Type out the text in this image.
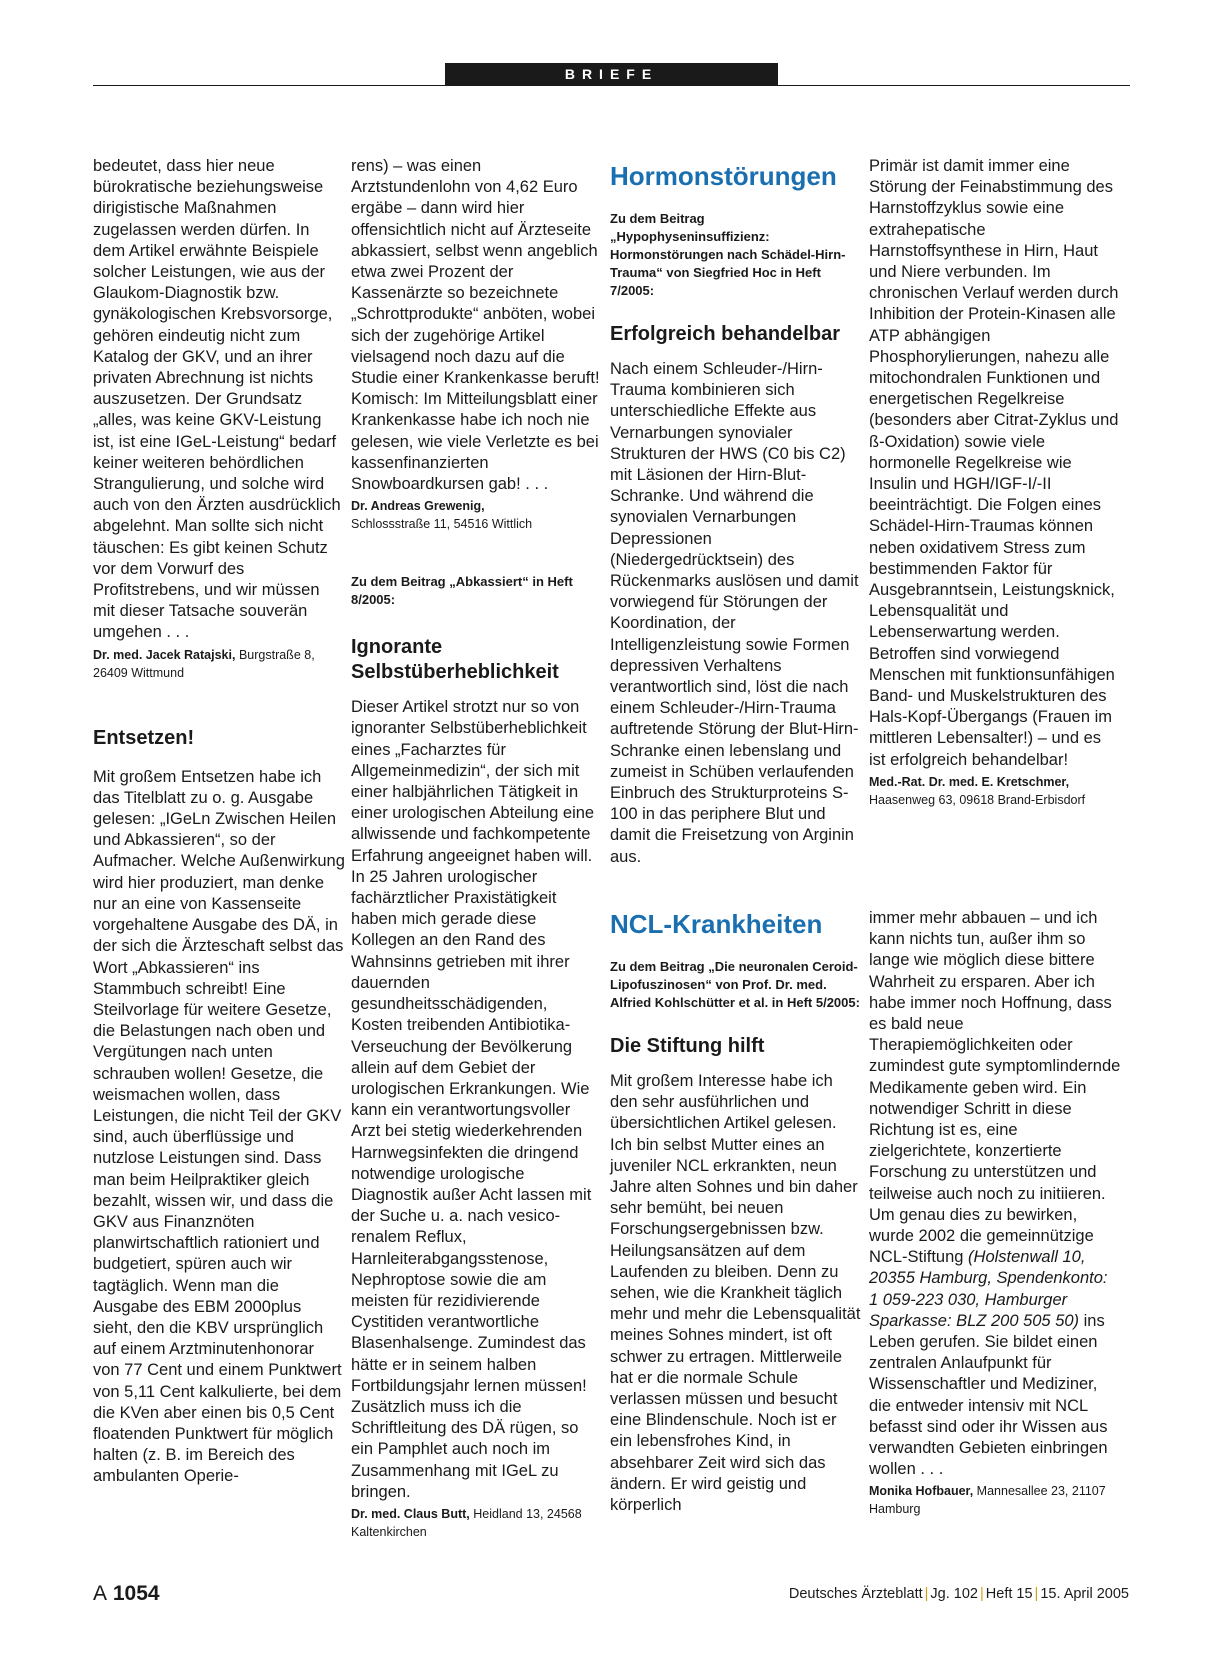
BRIEFE

bedeutet, dass hier neue bürokratische beziehungsweise dirigistische Maßnahmen zugelassen werden dürfen. In dem Artikel erwähnte Beispiele solcher Leistungen, wie aus der Glaukom-Diagnostik bzw. gynäkologischen Krebsvorsorge, gehören eindeutig nicht zum Katalog der GKV, und an ihrer privaten Abrechnung ist nichts auszusetzen. Der Grundsatz „alles, was keine GKV-Leistung ist, ist eine IGeL-Leistung“ bedarf keiner weiteren behördlichen Strangulierung, und solche wird auch von den Ärzten ausdrücklich abgelehnt. Man sollte sich nicht täuschen: Es gibt keinen Schutz vor dem Vorwurf des Profitstrebens, und wir müssen mit dieser Tatsache souverän umgehen . . .

Dr. med. Jacek Ratajski, Burgstraße 8, 26409 Wittmund
Entsetzen!

Mit großem Entsetzen habe ich das Titelblatt zu o. g. Ausgabe gelesen: „IGeLn Zwischen Heilen und Abkassieren“, so der Aufmacher. Welche Außenwirkung wird hier produziert, man denke nur an eine von Kassenseite vorgehaltene Ausgabe des DÄ, in der sich die Ärzteschaft selbst das Wort „Abkassieren“ ins Stammbuch schreibt! Eine Steilvorlage für weitere Gesetze, die Belastungen nach oben und Vergütungen nach unten schrauben wollen! Gesetze, die weismachen wollen, dass Leistungen, die nicht Teil der GKV sind, auch überflüssige und nutzlose Leistungen sind. Dass man beim Heilpraktiker gleich bezahlt, wissen wir, und dass die GKV aus Finanznöten planwirtschaftlich rationiert und budgetiert, spüren auch wir tagtäglich. Wenn man die Ausgabe des EBM 2000plus sieht, den die KBV ursprünglich auf einem Arztminutenhonorar von 77 Cent und einem Punktwert von 5,11 Cent kalkulierte, bei dem die KVen aber einen bis 0,5 Cent floatenden Punktwert für möglich halten (z. B. im Bereich des ambulanten Operie-

rens) – was einen Arztstundenlohn von 4,62 Euro ergäbe – dann wird hier offensichtlich nicht auf Ärzteseite abkassiert, selbst wenn angeblich etwa zwei Prozent der Kassenärzte so bezeichnete „Schrottprodukte“ anböten, wobei sich der zugehörige Artikel vielsagend noch dazu auf die Studie einer Krankenkasse beruft! Komisch: Im Mitteilungsblatt einer Krankenkasse habe ich noch nie gelesen, wie viele Verletzte es bei kassenfinanzierten Snowboardkursen gab! . . .

Dr. Andreas Grewenig,
Schlossstraße 11, 54516 Wittlich
Zu dem Beitrag „Abkassiert“ in Heft 8/2005:
Ignorante Selbstüberheblichkeit

Dieser Artikel strotzt nur so von ignoranter Selbstüberheblichkeit eines „Facharztes für Allgemeinmedizin“, der sich mit einer halbjährlichen Tätigkeit in einer urologischen Abteilung eine allwissende und fachkompetente Erfahrung angeeignet haben will. In 25 Jahren urologischer fachärztlicher Praxistätigkeit haben mich gerade diese Kollegen an den Rand des Wahnsinns getrieben mit ihrer dauernden gesundheitsschädigenden, Kosten treibenden Antibiotika-Verseuchung der Bevölkerung allein auf dem Gebiet der urologischen Erkrankungen. Wie kann ein verantwortungsvoller Arzt bei stetig wiederkehrenden Harnwegsinfekten die dringend notwendige urologische Diagnostik außer Acht lassen mit der Suche u. a. nach vesico-renalem Reflux, Harnleiterabgangsstenose, Nephroptose sowie die am meisten für rezidivierende Cystitiden verantwortliche Blasenhalsenge. Zumindest das hätte er in seinem halben Fortbildungsjahr lernen müssen! Zusätzlich muss ich die Schriftleitung des DÄ rügen, so ein Pamphlet auch noch im Zusammenhang mit IGeL zu bringen.

Dr. med. Claus Butt, Heidland 13, 24568 Kaltenkirchen
Hormonstörungen
Zu dem Beitrag „Hypophyseninsuffizienz: Hormonstörungen nach Schädel-Hirn-Trauma“ von Siegfried Hoc in Heft 7/2005:
Erfolgreich behandelbar

Nach einem Schleuder-/Hirn-Trauma kombinieren sich unterschiedliche Effekte aus Vernarbungen synovialer Strukturen der HWS (C0 bis C2) mit Läsionen der Hirn-Blut-Schranke. Und während die synovialen Vernarbungen Depressionen (Niedergedrücktsein) des Rückenmarks auslösen und damit vorwiegend für Störungen der Koordination, der Intelligenzleistung sowie Formen depressiven Verhaltens verantwortlich sind, löst die nach einem Schleuder-/Hirn-Trauma auftretende Störung der Blut-Hirn-Schranke einen lebenslang und zumeist in Schüben verlaufenden Einbruch des Strukturproteins S-100 in das periphere Blut und damit die Freisetzung von Arginin aus.

NCL-Krankheiten
Zu dem Beitrag „Die neuronalen Ceroid-Lipofuszinosen“ von Prof. Dr. med. Alfried Kohlschütter et al. in Heft 5/2005:
Die Stiftung hilft

Mit großem Interesse habe ich den sehr ausführlichen und übersichtlichen Artikel gelesen. Ich bin selbst Mutter eines an juveniler NCL erkrankten, neun Jahre alten Sohnes und bin daher sehr bemüht, bei neuen Forschungsergebnissen bzw. Heilungsansätzen auf dem Laufenden zu bleiben. Denn zu sehen, wie die Krankheit täglich mehr und mehr die Lebensqualität meines Sohnes mindert, ist oft schwer zu ertragen. Mittlerweile hat er die normale Schule verlassen müssen und besucht eine Blindenschule. Noch ist er ein lebensfrohes Kind, in absehbarer Zeit wird sich das ändern. Er wird geistig und körperlich

Primär ist damit immer eine Störung der Feinabstimmung des Harnstoffzyklus sowie eine extrahepatische Harnstoffsynthese in Hirn, Haut und Niere verbunden. Im chronischen Verlauf werden durch Inhibition der Protein-Kinasen alle ATP abhängigen Phosphorylierungen, nahezu alle mitochondralen Funktionen und energetischen Regelkreise (besonders aber Citrat-Zyklus und ß-Oxidation) sowie viele hormonelle Regelkreise wie Insulin und HGH/IGF-I/-II beeinträchtigt. Die Folgen eines Schädel-Hirn-Traumas können neben oxidativem Stress zum bestimmenden Faktor für Ausgebranntsein, Leistungsknick, Lebensqualität und Lebenserwartung werden. Betroffen sind vorwiegend Menschen mit funktionsunfähigen Band- und Muskelstrukturen des Hals-Kopf-Übergangs (Frauen im mittleren Lebensalter!) – und es ist erfolgreich behandelbar!

Med.-Rat. Dr. med. E. Kretschmer,
Haasenweg 63, 09618 Brand-Erbisdorf

immer mehr abbauen – und ich kann nichts tun, außer ihm so lange wie möglich diese bittere Wahrheit zu ersparen. Aber ich habe immer noch Hoffnung, dass es bald neue Therapiemöglichkeiten oder zumindest gute symptomlindernde Medikamente geben wird. Ein notwendiger Schritt in diese Richtung ist es, eine zielgerichtete, konzertierte Forschung zu unterstützen und teilweise auch noch zu initiieren. Um genau dies zu bewirken, wurde 2002 die gemeinnützige NCL-Stiftung (Holstenwall 10, 20355 Hamburg, Spendenkonto: 1 059-223 030, Hamburger Sparkasse: BLZ 200 505 50) ins Leben gerufen. Sie bildet einen zentralen Anlaufpunkt für Wissenschaftler und Mediziner, die entweder intensiv mit NCL befasst sind oder ihr Wissen aus verwandten Gebieten einbringen wollen . . .

Monika Hofbauer, Mannesallee 23, 21107 Hamburg
A 1054	Deutsches Ärzteblatt | Jg. 102 | Heft 15 | 15. April 2005
